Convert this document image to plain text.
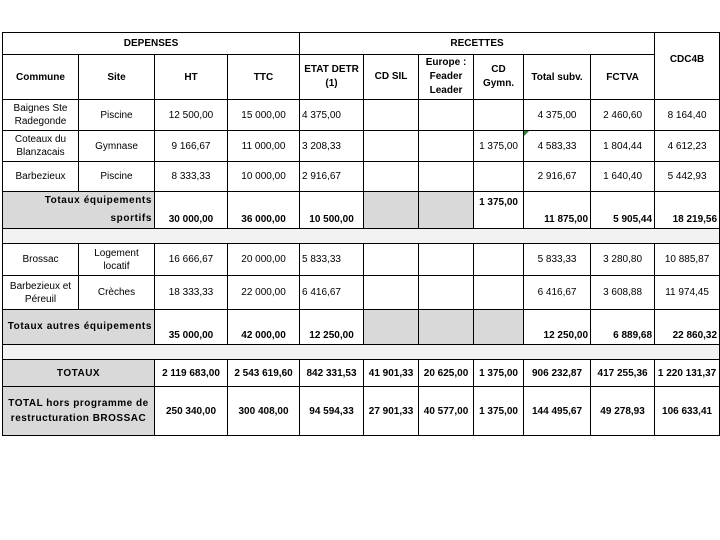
DEPENSES				RECETTES						CDC4B
Commune	Site	HT	TTC	ETAT DETR (1)	CD SIL	Europe : Feader Leader	CD Gymn.	Total subv.	FCTVA	
Baignes Ste Radegonde	Piscine	12 500,00	15 000,00	4 375,00				4 375,00	2 460,60	8 164,40
Coteaux du Blanzacais	Gymnase	9 166,67	11 000,00	3 208,33			1 375,00	4 583,33	1 804,44	4 612,23
Barbezieux	Piscine	8 333,33	10 000,00	2 916,67				2 916,67	1 640,40	5 442,93
Totaux équipements sportifs		30 000,00	36 000,00	10 500,00			1 375,00	11 875,00	5 905,44	18 219,56

Brossac	Logement locatif	16 666,67	20 000,00	5 833,33				5 833,33	3 280,80	10 885,87
Barbezieux et Péreuil	Crèches	18 333,33	22 000,00	6 416,67				6 416,67	3 608,88	11 974,45
Totaux autres équipements		35 000,00	42 000,00	12 250,00				12 250,00	6 889,68	22 860,32

TOTAUX		2 119 683,00	2 543 619,60	842 331,53	41 901,33	20 625,00	1 375,00	906 232,87	417 255,36	1 220 131,37
TOTAL hors programme de restructuration BROSSAC		250 340,00	300 408,00	94 594,33	27 901,33	40 577,00	1 375,00	144 495,67	49 278,93	106 633,41
